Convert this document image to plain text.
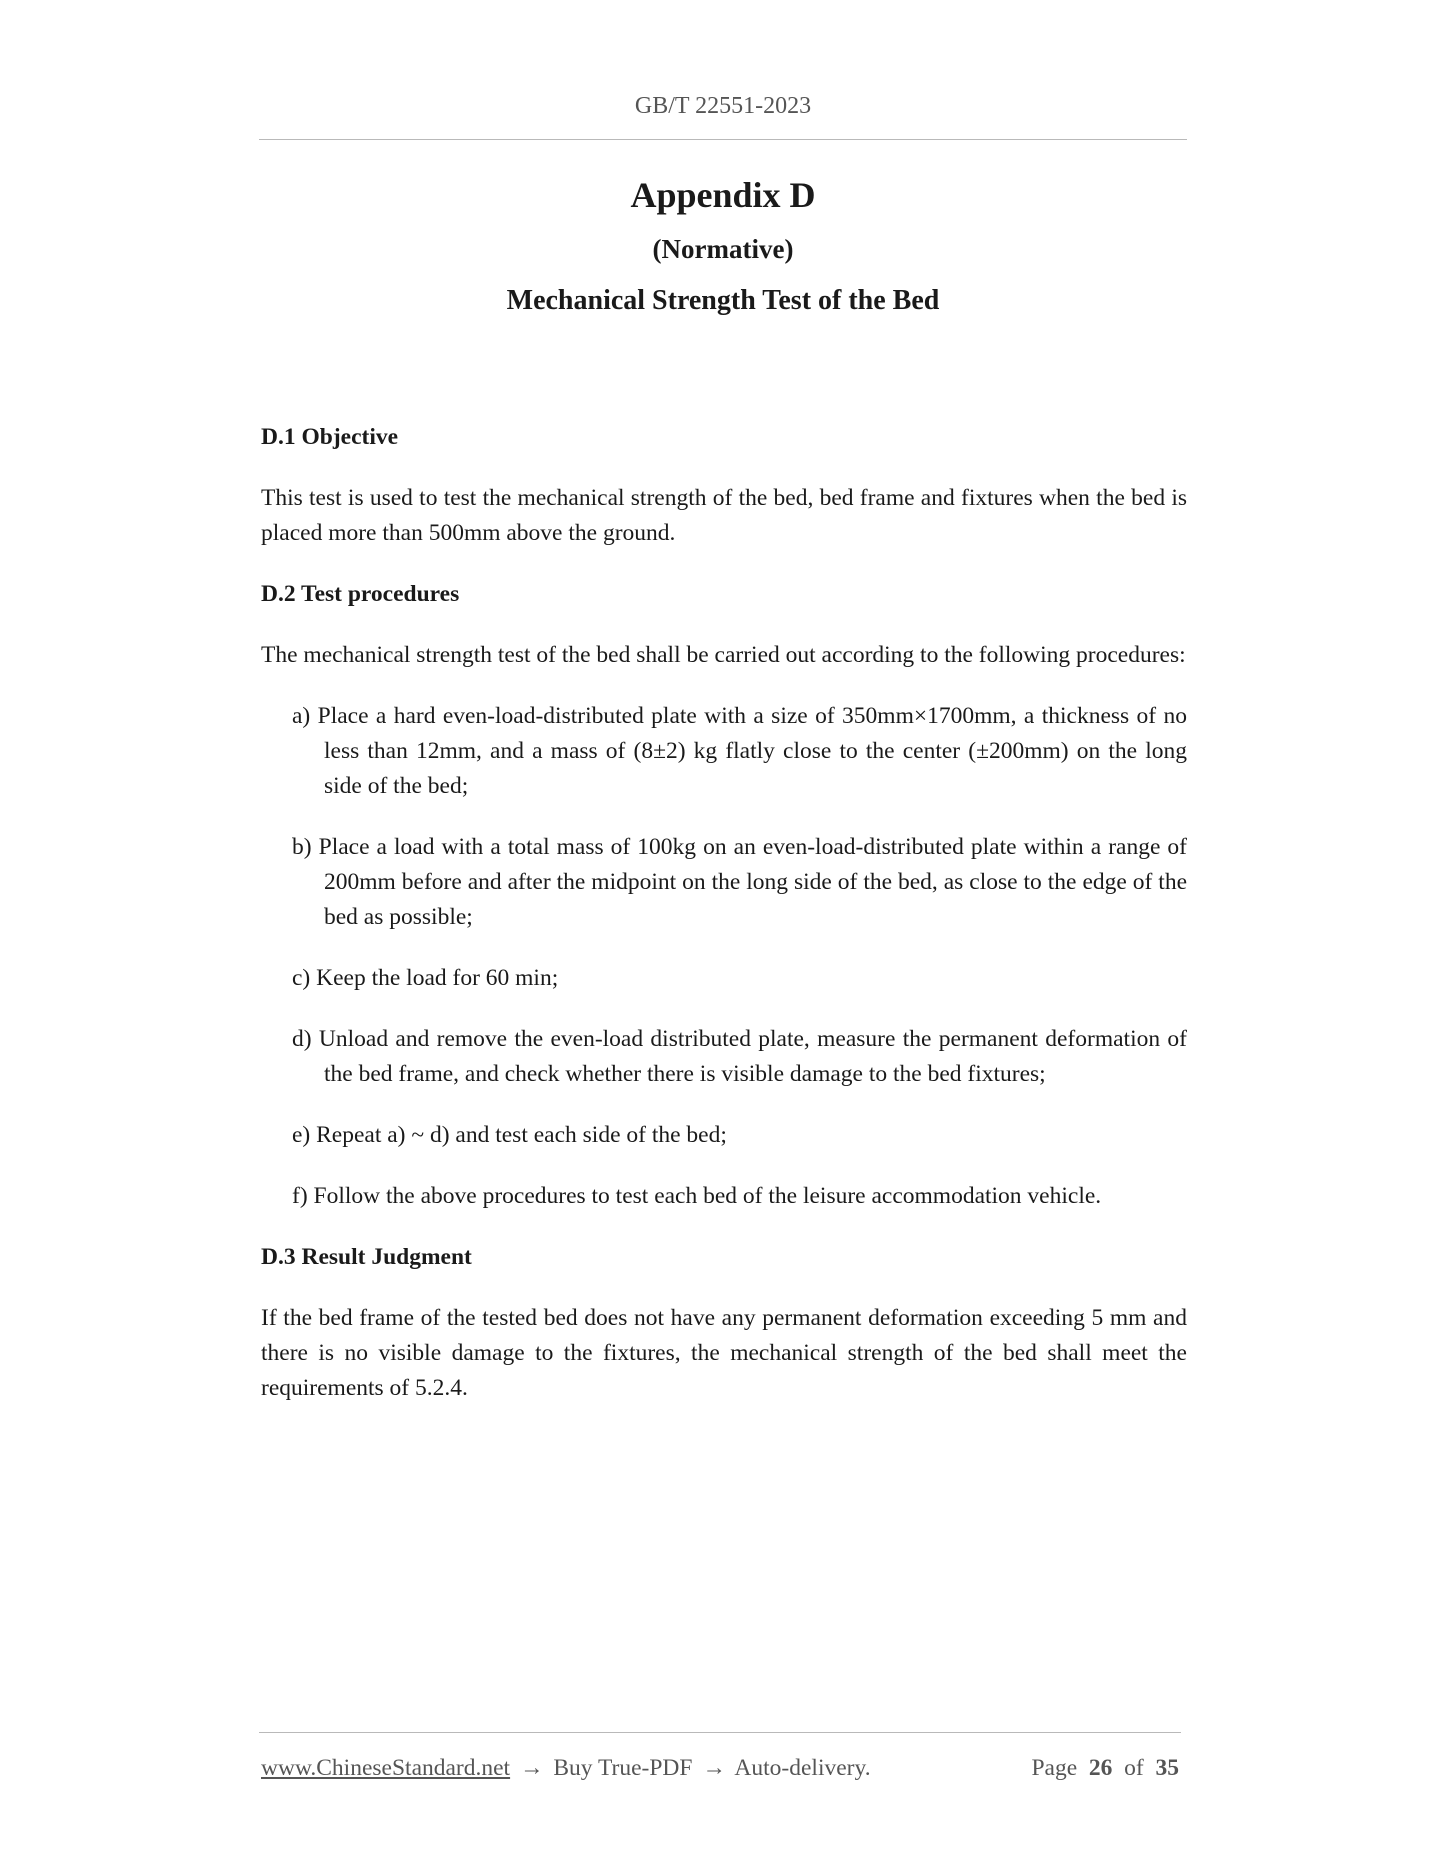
GB/T 22551-2023
Appendix D
(Normative)
Mechanical Strength Test of the Bed
D.1 Objective

This test is used to test the mechanical strength of the bed, bed frame and fixtures when the bed is placed more than 500mm above the ground.

D.2 Test procedures

The mechanical strength test of the bed shall be carried out according to the following procedures:

a) Place a hard even-load-distributed plate with a size of 350mm×1700mm, a thickness of no less than 12mm, and a mass of (8±2) kg flatly close to the center (±200mm) on the long side of the bed;
b) Place a load with a total mass of 100kg on an even-load-distributed plate within a range of 200mm before and after the midpoint on the long side of the bed, as close to the edge of the bed as possible;
c) Keep the load for 60 min;
d) Unload and remove the even-load distributed plate, measure the permanent deformation of the bed frame, and check whether there is visible damage to the bed fixtures;
e) Repeat a) ~ d) and test each side of the bed;
f) Follow the above procedures to test each bed of the leisure accommodation vehicle.
D.3 Result Judgment

If the bed frame of the tested bed does not have any permanent deformation exceeding 5 mm and there is no visible damage to the fixtures, the mechanical strength of the bed shall meet the requirements of 5.2.4.

www.ChineseStandard.net → Buy True-PDF → Auto-delivery.	Page 26 of 35
